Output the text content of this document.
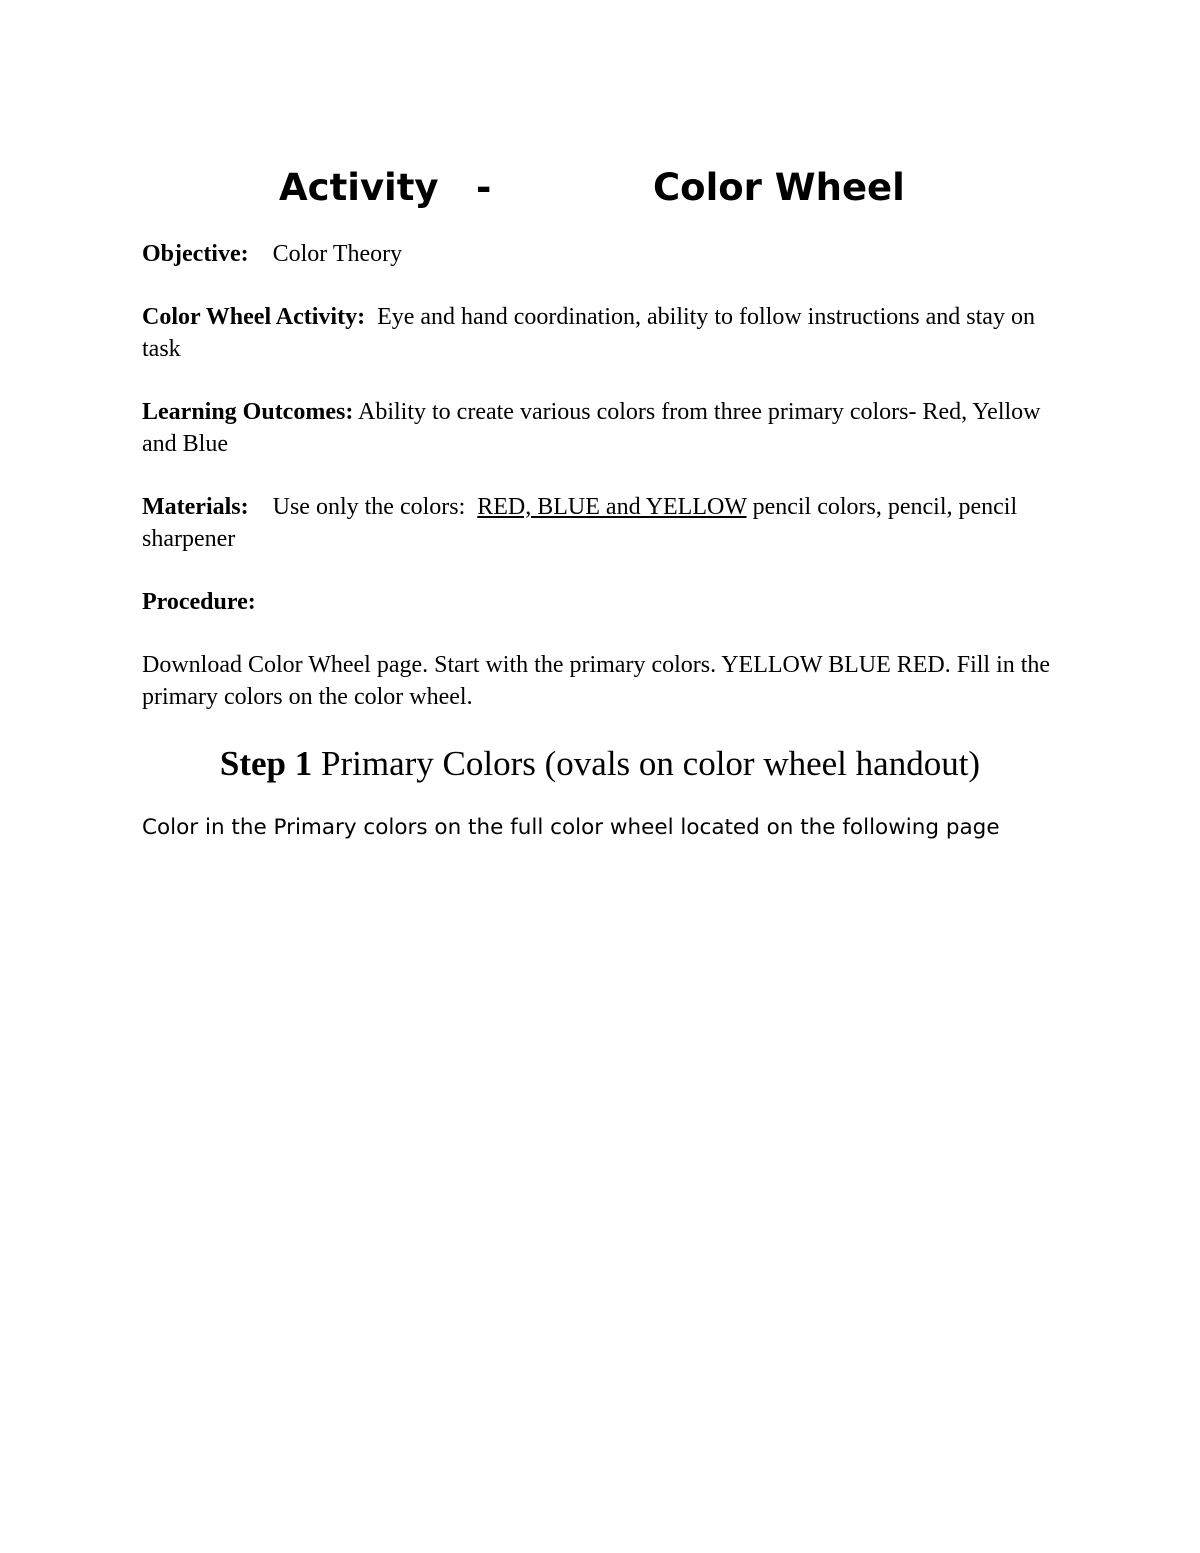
Activity -	Color Wheel
Objective: Color Theory
Color Wheel Activity: Eye and hand coordination, ability to follow instructions and stay on task
Learning Outcomes: Ability to create various colors from three primary colors- Red, Yellow and Blue
Materials: Use only the colors: RED, BLUE and YELLOW pencil colors, pencil, pencil sharpener
Procedure:
Download Color Wheel page. Start with the primary colors. YELLOW BLUE RED. Fill in the primary colors on the color wheel.
Step 1 Primary Colors (ovals on color wheel handout)
Color in the Primary colors on the full color wheel located on the following page
